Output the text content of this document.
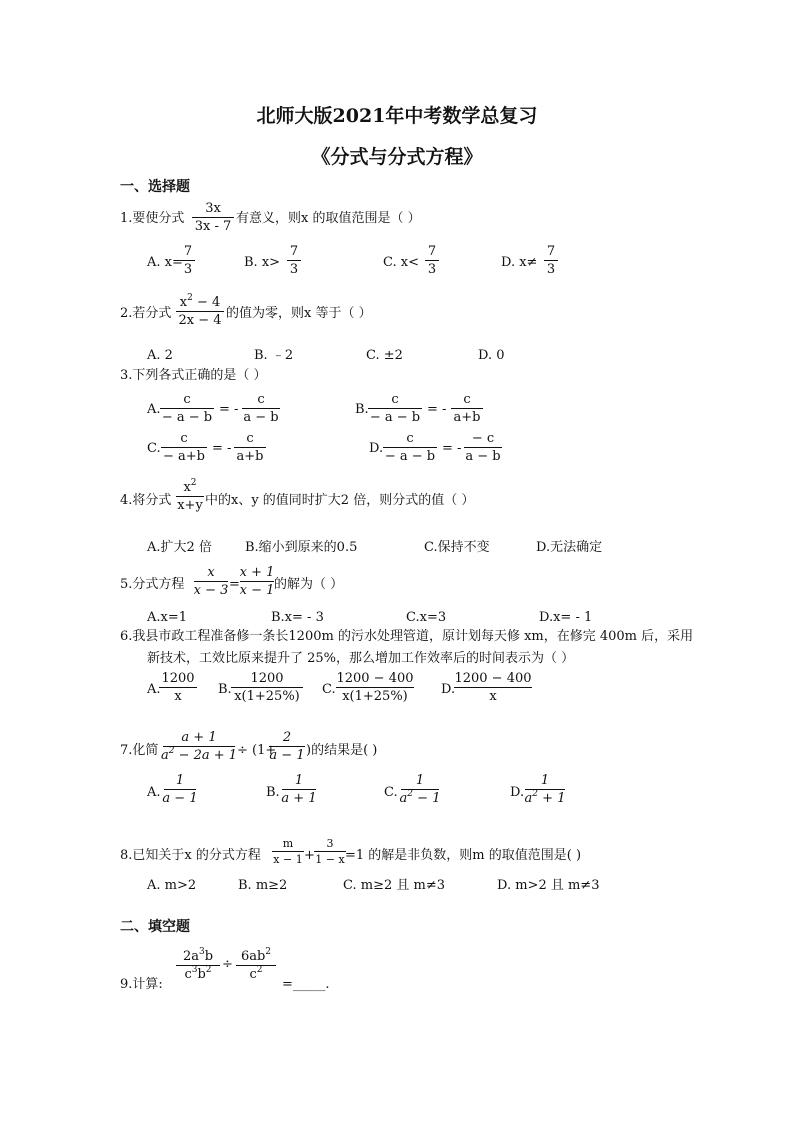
北师大版2021年中考数学总复习
《分式与分式方程》
一、选择题
1.要使分式
3x
3x - 7
有意义，则x 的取值范围是（ ）
A. x=
7
3	B. x>
7
3	C. x<
7
3	D. x≠
7
3
2.若分式
$x^2 - 4$
2x − 4 的值为零，则x 等于（ ）
A. 2	B. ﹣2	C. ±2	D. 0
3.下列各式正确的是（ ）
A.
c
− a − b
= -
c
a − b
B.
c
− a − b
= -
c
a+b
C.
c
− a+b
= -
c
a+b
D.
c
− a − b
= -
− c
a − b
4.将分式
$x^2$
x+y 中的x、y 的值同时扩大2 倍，则分式的值（ ）
A.扩大2 倍	B.缩小到原来的0.5	C.保持不变	D.无法确定
5.分式方程
x
x − 3 =
x + 1
x − 1 的解为（ ）
A.x=1	B.x= - 3	C.x=3	D.x= - 1
6.我县市政工程准备修一条长1200m 的污水处理管道，原计划每天修 xm，在修完 400m 后，采用
新技术，工效比原来提升了 25%，那么增加工作效率后的时间表示为（ ）
A.
1200
x	B.
1200
x(1+25%) C.
1200 − 400
x(1+25%)	D.
1200 − 400
x
7.化简
a + 1
$a^2 - 2a + 1 \div (1+$
2
a − 1 )的结果是( )
A.
1
a − 1	B.
1
a + 1	C.
1
$a^2 - 1$	D.
1
$a^2 + 1$
8.已知关于x 的分式方程
m
x − 1 +
3
1 − x =1 的解是非负数，则m 的取值范围是( )
A. m>2	B. m≥2	C. m≥2 且 m≠3	D. m>2 且 m≠3
二、填空题
9.计算:
$2a^3b$
$c^3b^2$ ÷
$6ab^2$
$c^2$
=_____.
